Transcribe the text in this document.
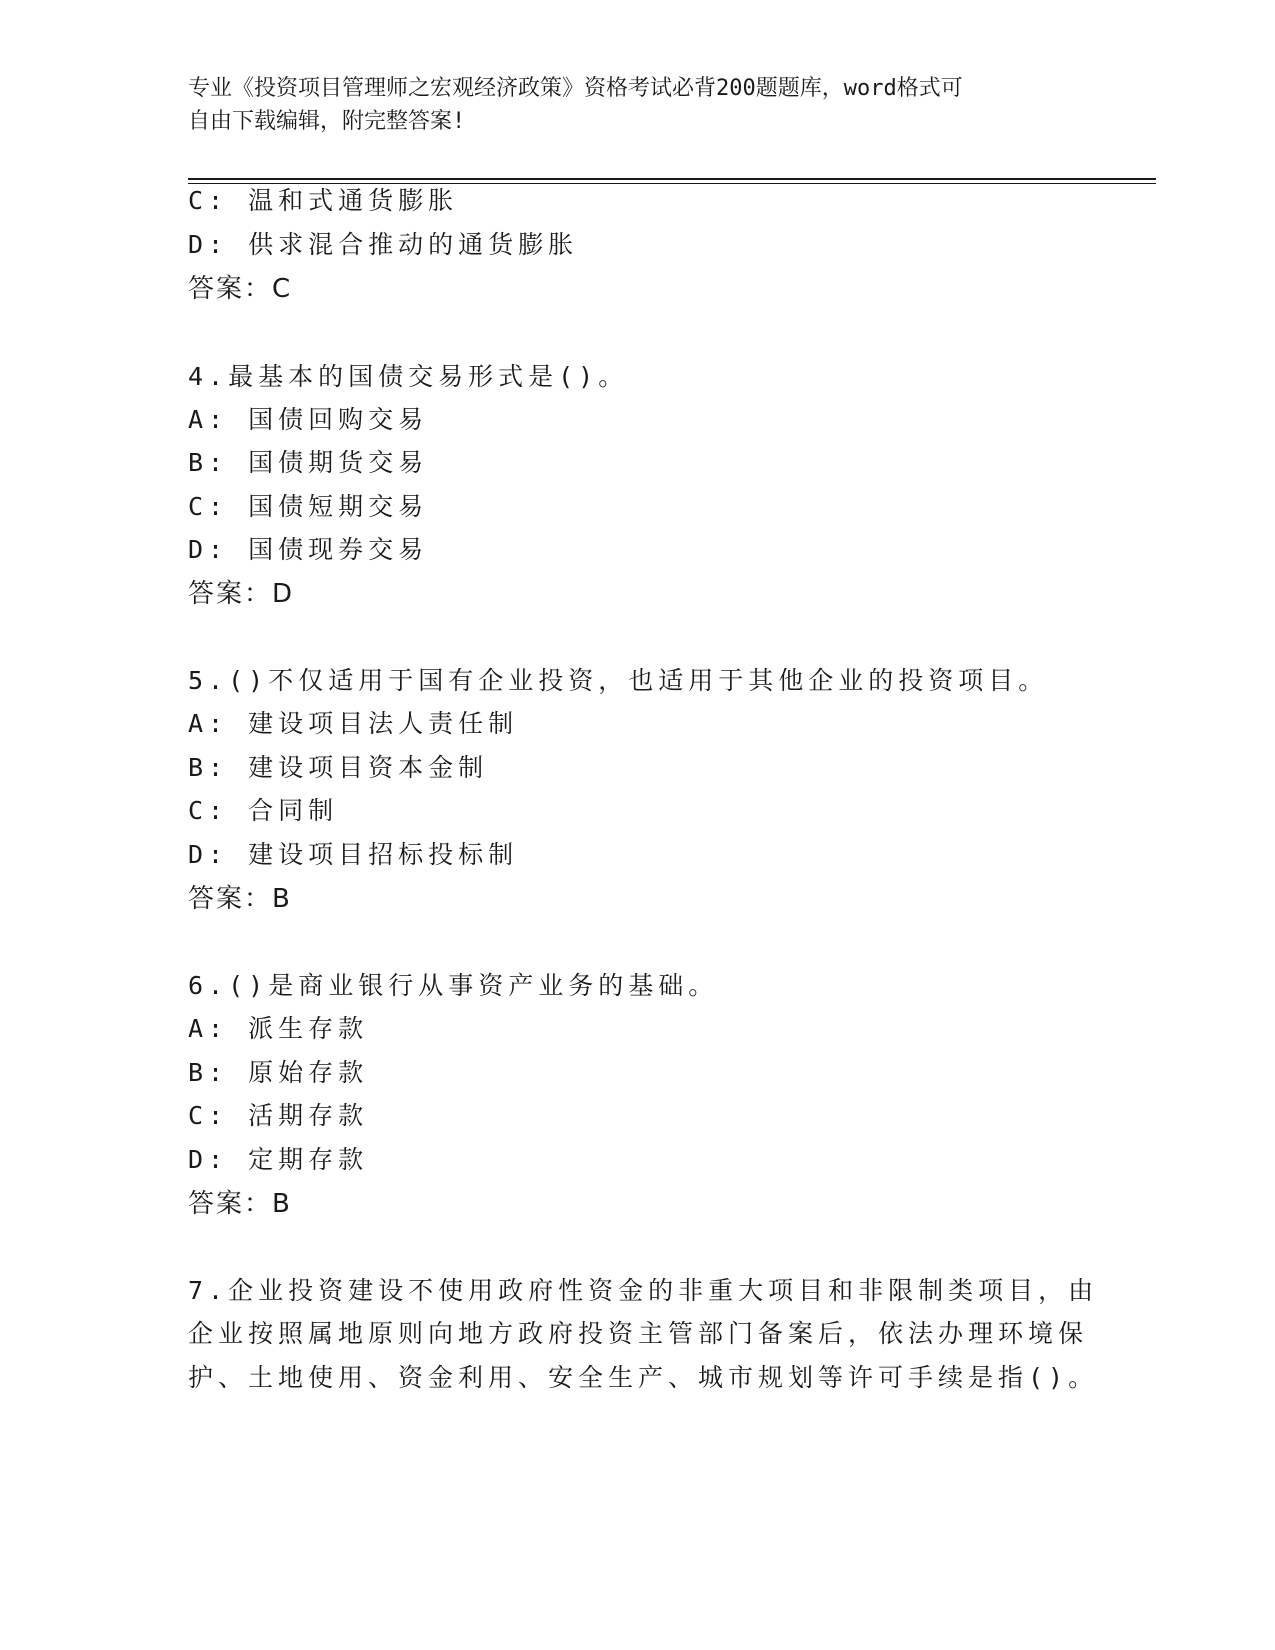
专业《投资项目管理师之宏观经济政策》资格考试必背200题题库，word格式可
自由下载编辑，附完整答案!
C: 温和式通货膨胀
D: 供求混合推动的通货膨胀
答案：C
4.最基本的国债交易形式是()。
A: 国债回购交易
B: 国债期货交易
C: 国债短期交易
D: 国债现券交易
答案：D
5.()不仅适用于国有企业投资，也适用于其他企业的投资项目。
A: 建设项目法人责任制
B: 建设项目资本金制
C: 合同制
D: 建设项目招标投标制
答案：B
6.()是商业银行从事资产业务的基础。
A: 派生存款
B: 原始存款
C: 活期存款
D: 定期存款
答案：B
7.企业投资建设不使用政府性资金的非重大项目和非限制类项目，由
企业按照属地原则向地方政府投资主管部门备案后，依法办理环境保
护、土地使用、资金利用、安全生产、城市规划等许可手续是指()。
